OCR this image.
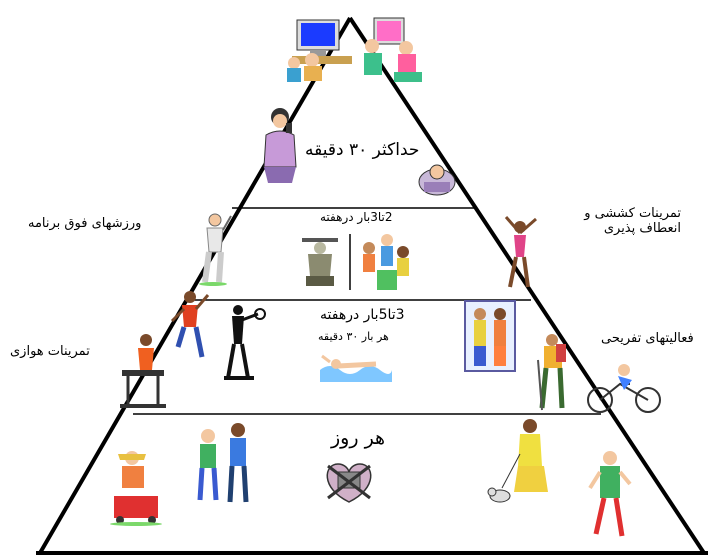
حداکثر ۳۰ دقیقه
2تا3بار درهفته
3تا5بار درهفته
هر بار ۳۰ دقیقه
هر روز
ورزشهای فوق برنامه
تمرینات کششی و انعطاف پذیری
تمرینات هوازی
فعالیتهای تفریحی
